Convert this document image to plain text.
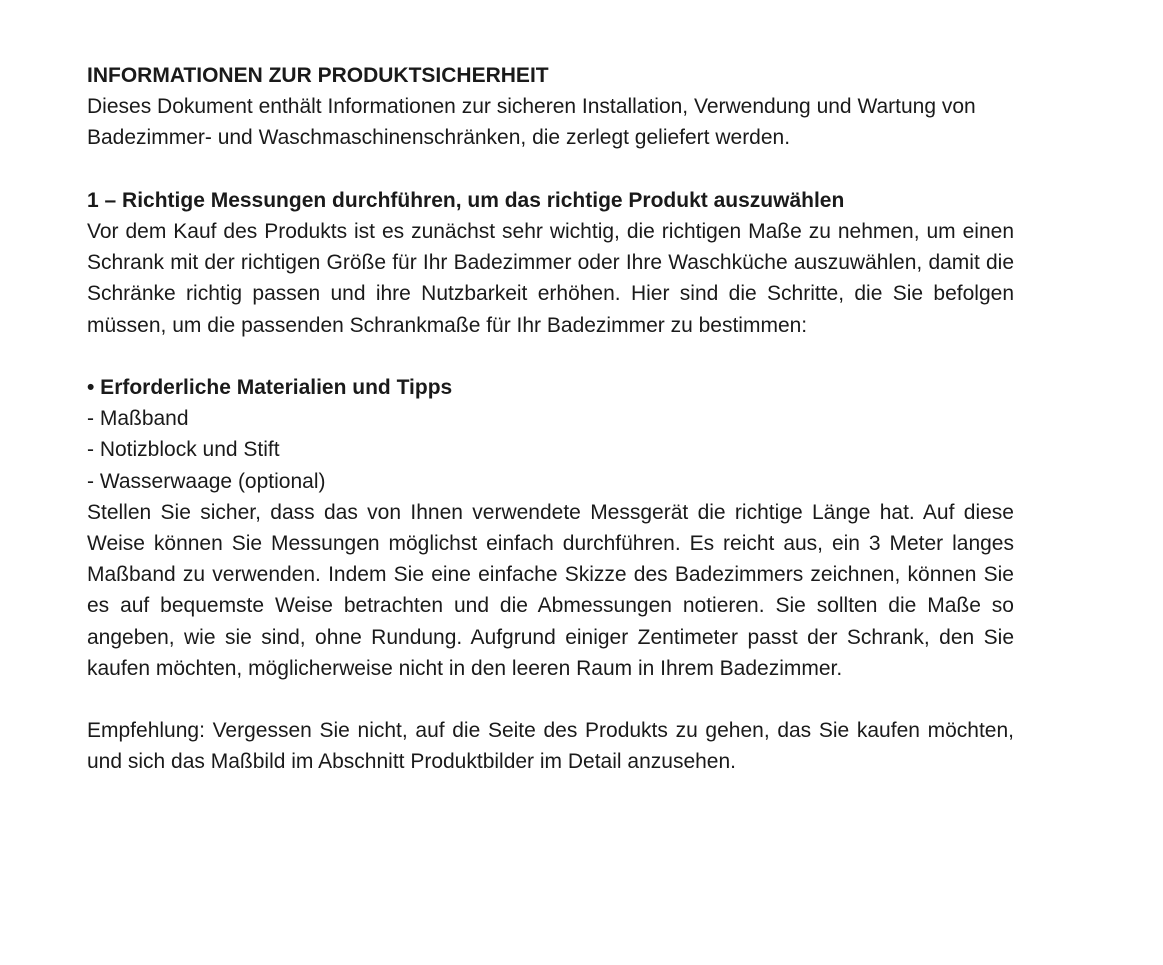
INFORMATIONEN ZUR PRODUKTSICHERHEIT

Dieses Dokument enthält Informationen zur sicheren Installation, Verwendung und Wartung von Badezimmer- und Waschmaschinenschränken, die zerlegt geliefert werden.

1 – Richtige Messungen durchführen, um das richtige Produkt auszuwählen

Vor dem Kauf des Produkts ist es zunächst sehr wichtig, die richtigen Maße zu nehmen, um einen Schrank mit der richtigen Größe für Ihr Badezimmer oder Ihre Waschküche auszuwählen, damit die Schränke richtig passen und ihre Nutzbarkeit erhöhen. Hier sind die Schritte, die Sie befolgen müssen, um die passenden Schrankmaße für Ihr Badezimmer zu bestimmen:

• Erforderliche Materialien und Tipps
- Maßband
- Notizblock und Stift
- Wasserwaage (optional)

Stellen Sie sicher, dass das von Ihnen verwendete Messgerät die richtige Länge hat. Auf diese Weise können Sie Messungen möglichst einfach durchführen. Es reicht aus, ein 3 Meter langes Maßband zu verwenden. Indem Sie eine einfache Skizze des Badezimmers zeichnen, können Sie es auf bequemste Weise betrachten und die Abmessungen notieren. Sie sollten die Maße so angeben, wie sie sind, ohne Rundung. Aufgrund einiger Zentimeter passt der Schrank, den Sie kaufen möchten, möglicherweise nicht in den leeren Raum in Ihrem Badezimmer.

Empfehlung: Vergessen Sie nicht, auf die Seite des Produkts zu gehen, das Sie kaufen möchten, und sich das Maßbild im Abschnitt Produktbilder im Detail anzusehen.
